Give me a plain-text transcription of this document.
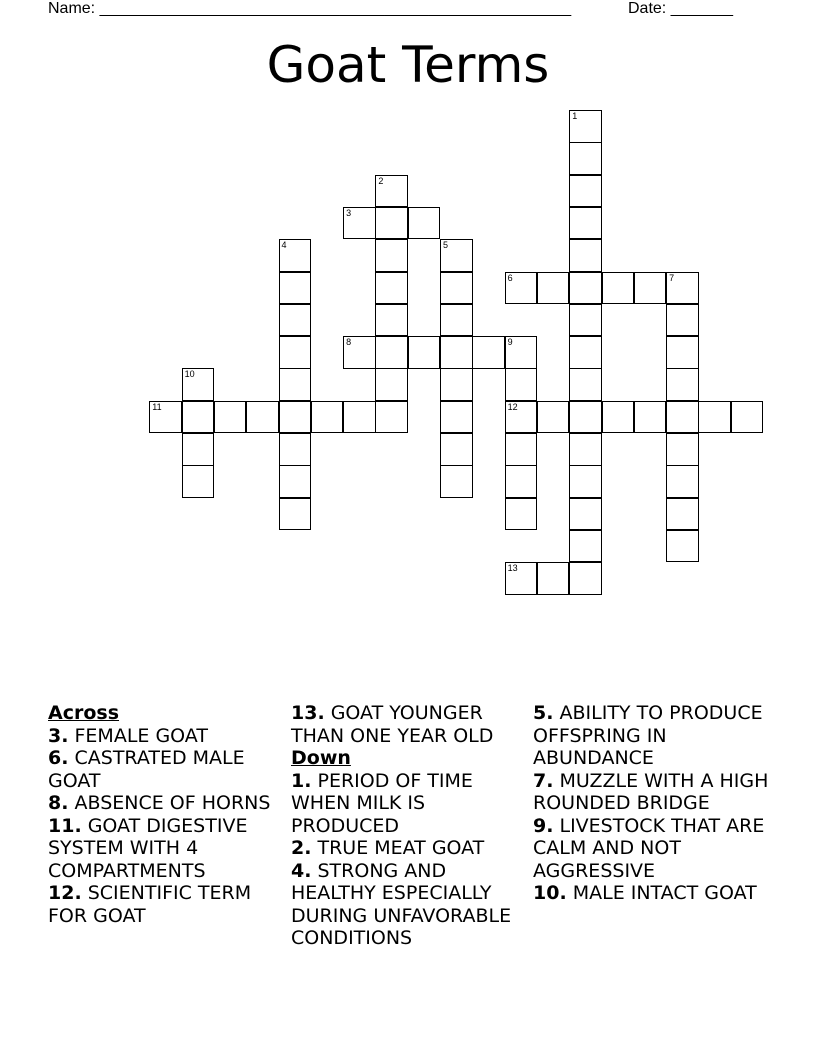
Name: _____________________________________________________	Date: _______
Goat Terms
3
6	7
8	9
11	12
13
1
2
4	5
10
Across
3. FEMALE GOAT
6. CASTRATED MALE GOAT
8. ABSENCE OF HORNS
11. GOAT DIGESTIVE SYSTEM WITH 4 COMPARTMENTS
12. SCIENTIFIC TERM FOR GOAT
13. GOAT YOUNGER THAN ONE YEAR OLD
Down
1. PERIOD OF TIME WHEN MILK IS PRODUCED
2. TRUE MEAT GOAT
4. STRONG AND HEALTHY ESPECIALLY DURING UNFAVORABLE CONDITIONS
5. ABILITY TO PRODUCE OFFSPRING IN ABUNDANCE
7. MUZZLE WITH A HIGH ROUNDED BRIDGE
9. LIVESTOCK THAT ARE CALM AND NOT AGGRESSIVE
10. MALE INTACT GOAT
